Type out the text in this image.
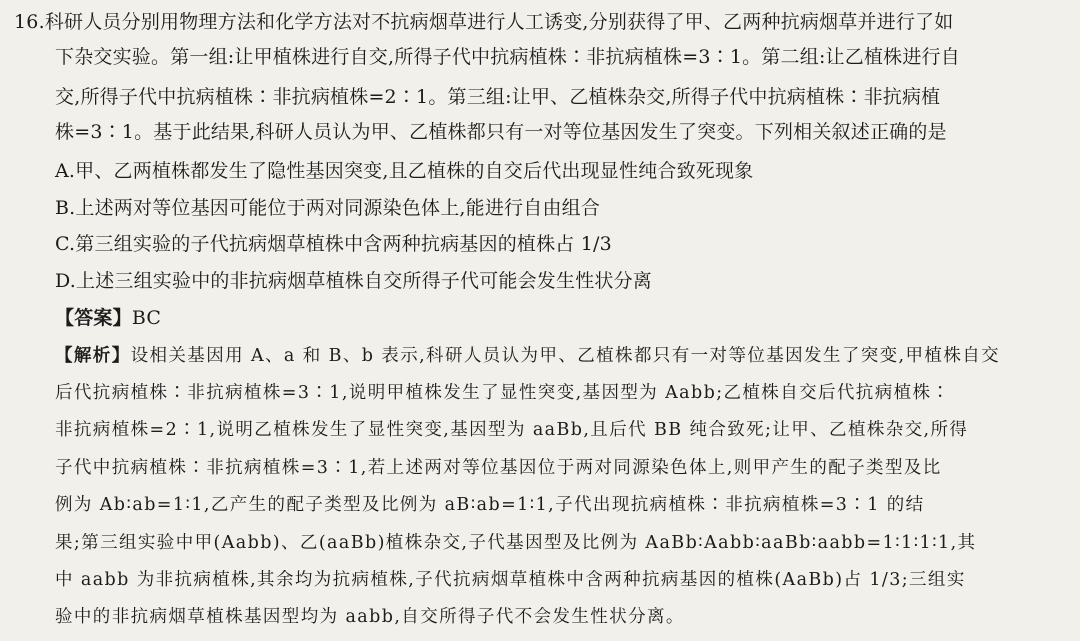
16.科研人员分别用物理方法和化学方法对不抗病烟草进行人工诱变,分别获得了甲、乙两种抗病烟草并进行了如
下杂交实验。第一组:让甲植株进行自交,所得子代中抗病植株∶非抗病植株=3∶1。第二组:让乙植株进行自
交,所得子代中抗病植株∶非抗病植株=2∶1。第三组:让甲、乙植株杂交,所得子代中抗病植株∶非抗病植
株=3∶1。基于此结果,科研人员认为甲、乙植株都只有一对等位基因发生了突变。下列相关叙述正确的是
A.甲、乙两植株都发生了隐性基因突变,且乙植株的自交后代出现显性纯合致死现象
B.上述两对等位基因可能位于两对同源染色体上,能进行自由组合
C.第三组实验的子代抗病烟草植株中含两种抗病基因的植株占 1/3
D.上述三组实验中的非抗病烟草植株自交所得子代可能会发生性状分离
【答案】BC
【解析】设相关基因用 A、a 和 B、b 表示,科研人员认为甲、乙植株都只有一对等位基因发生了突变,甲植株自交
后代抗病植株∶非抗病植株=3∶1,说明甲植株发生了显性突变,基因型为 Aabb;乙植株自交后代抗病植株∶
非抗病植株=2∶1,说明乙植株发生了显性突变,基因型为 aaBb,且后代 BB 纯合致死;让甲、乙植株杂交,所得
子代中抗病植株∶非抗病植株=3∶1,若上述两对等位基因位于两对同源染色体上,则甲产生的配子类型及比
例为 Ab∶ab=1∶1,乙产生的配子类型及比例为 aB∶ab=1∶1,子代出现抗病植株∶非抗病植株=3∶1 的结
果;第三组实验中甲(Aabb)、乙(aaBb)植株杂交,子代基因型及比例为 AaBb∶Aabb∶aaBb∶aabb=1∶1∶1∶1,其
中 aabb 为非抗病植株,其余均为抗病植株,子代抗病烟草植株中含两种抗病基因的植株(AaBb)占 1/3;三组实
验中的非抗病烟草植株基因型均为 aabb,自交所得子代不会发生性状分离。
